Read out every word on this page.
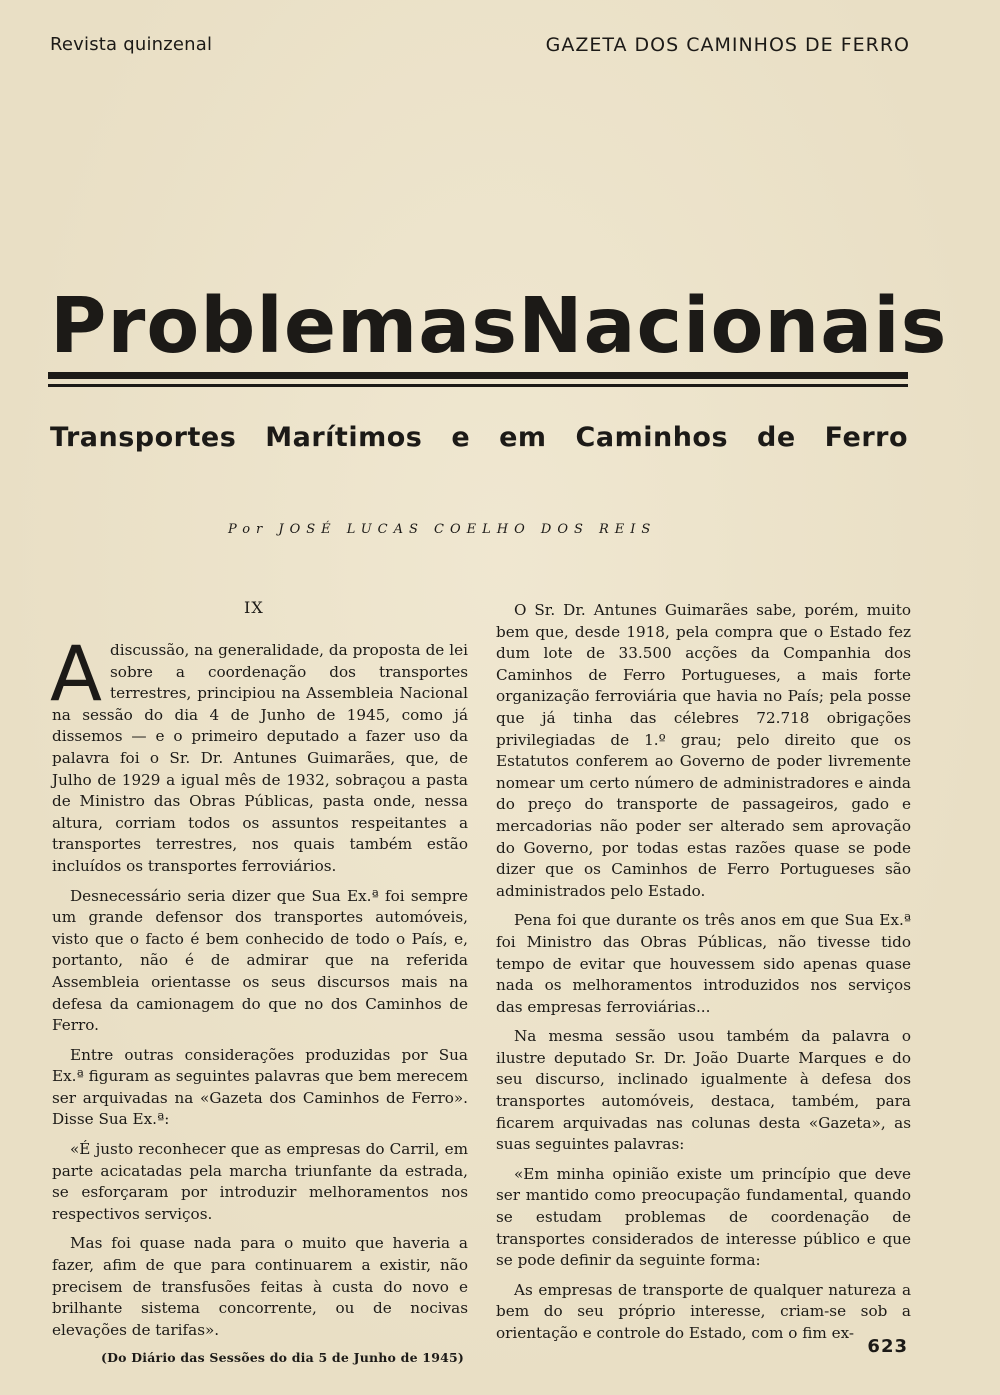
Revista quinzenal	GAZETA DOS CAMINHOS DE FERRO
Problemas Nacionais
Transportes Marítimos e em Caminhos de Ferro
Por JOSÉ LUCAS COELHO DOS REIS
IX

Adiscussão, na generalidade, da proposta de lei sobre a coordenação dos transportes terrestres, principiou na Assembleia Nacional na sessão do dia 4 de Junho de 1945, como já dissemos — e o primeiro deputado a fazer uso da palavra foi o Sr. Dr. Antunes Guimarães, que, de Julho de 1929 a igual mês de 1932, sobraçou a pasta de Ministro das Obras Públicas, pasta onde, nessa altura, corriam todos os assuntos respeitantes a transportes terrestres, nos quais também estão incluídos os transportes ferroviários.

Desnecessário seria dizer que Sua Ex.ª foi sempre um grande defensor dos transportes automóveis, visto que o facto é bem conhecido de todo o País, e, portanto, não é de admirar que na referida Assembleia orientasse os seus discursos mais na defesa da camionagem do que no dos Caminhos de Ferro.

Entre outras considerações produzidas por Sua Ex.ª figuram as seguintes palavras que bem merecem ser arquivadas na «Gazeta dos Caminhos de Ferro». Disse Sua Ex.ª:

«É justo reconhecer que as empresas do Carril, em parte acicatadas pela marcha triunfante da estrada, se esforçaram por introduzir melhoramentos nos respectivos serviços.

Mas foi quase nada para o muito que haveria a fazer, afim de que para continuarem a existir, não precisem de transfusões feitas à custa do novo e brilhante sistema concorrente, ou de nocivas elevações de tarifas».

(Do Diário das Sessões do dia 5 de Junho de 1945)

O Sr. Dr. Antunes Guimarães sabe, porém, muito bem que, desde 1918, pela compra que o Estado fez dum lote de 33.500 acções da Companhia dos Caminhos de Ferro Portugueses, a mais forte organização ferroviária que havia no País; pela posse que já tinha das célebres 72.718 obrigações privilegiadas de 1.º grau; pelo direito que os Estatutos conferem ao Governo de poder livremente nomear um certo número de administradores e ainda do preço do transporte de passageiros, gado e mercadorias não poder ser alterado sem aprovação do Governo, por todas estas razões quase se pode dizer que os Caminhos de Ferro Portugueses são administrados pelo Estado.

Pena foi que durante os três anos em que Sua Ex.ª foi Ministro das Obras Públicas, não tivesse tido tempo de evitar que houvessem sido apenas quase nada os melhoramentos introduzidos nos serviços das empresas ferroviárias...

Na mesma sessão usou também da palavra o ilustre deputado Sr. Dr. João Duarte Marques e do seu discurso, inclinado igualmente à defesa dos transportes automóveis, destaca, também, para ficarem arquivadas nas colunas desta «Gazeta», as suas seguintes palavras:

«Em minha opinião existe um princípio que deve ser mantido como preocupação fundamental, quando se estudam problemas de coordenação de transportes considerados de interesse público e que se pode definir da seguinte forma:

As empresas de transporte de qualquer natureza a bem do seu próprio interesse, criam-se sob a orientação e controle do Estado, com o fim ex-

623
